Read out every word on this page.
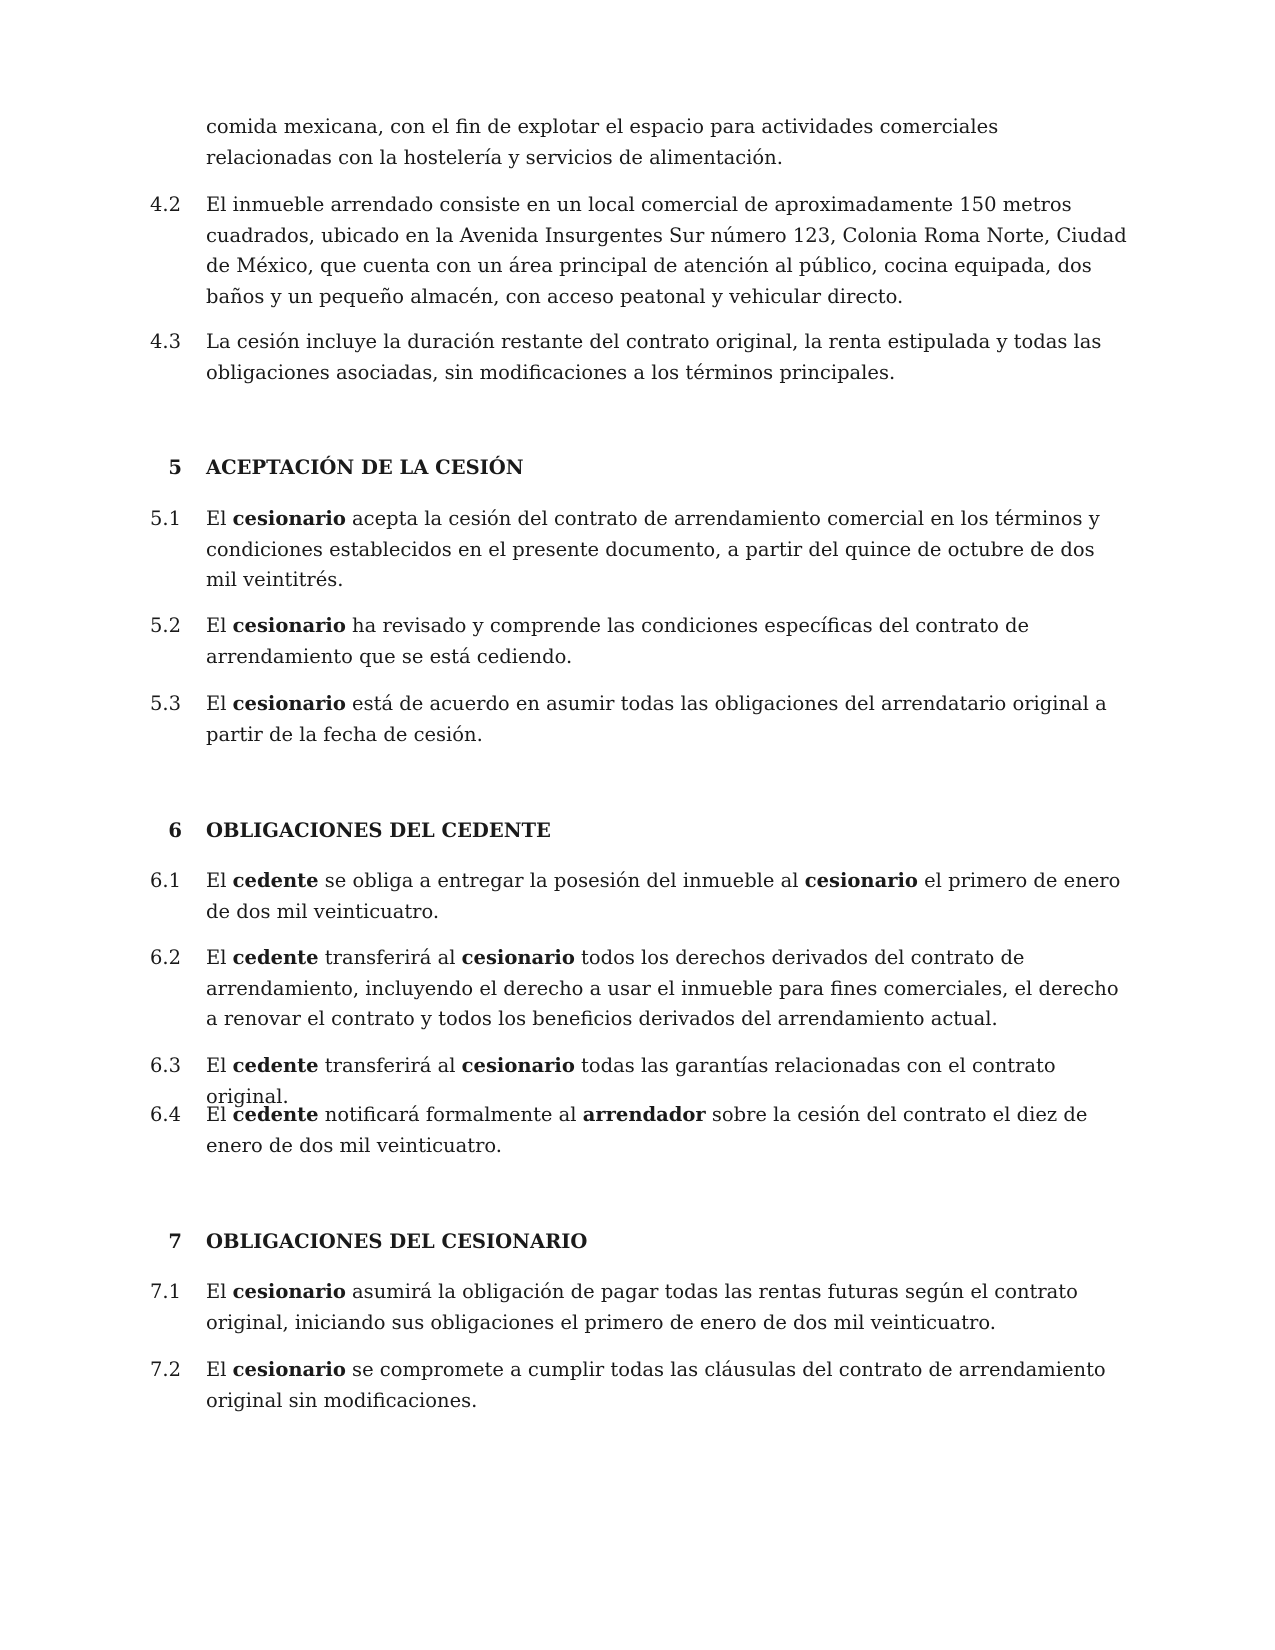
comida mexicana, con el fin de explotar el espacio para actividades comerciales relacionadas con la hostelería y servicios de alimentación.
4.2	El inmueble arrendado consiste en un local comercial de aproximadamente 150 metros cuadrados, ubicado en la Avenida Insurgentes Sur número 123, Colonia Roma Norte, Ciudad de México, que cuenta con un área principal de atención al público, cocina equipada, dos baños y un pequeño almacén, con acceso peatonal y vehicular directo.
4.3	La cesión incluye la duración restante del contrato original, la renta estipulada y todas las obligaciones asociadas, sin modificaciones a los términos principales.
5	ACEPTACIÓN DE LA CESIÓN
5.1	El cesionario acepta la cesión del contrato de arrendamiento comercial en los términos y condiciones establecidos en el presente documento, a partir del quince de octubre de dos mil veintitrés.
5.2	El cesionario ha revisado y comprende las condiciones específicas del contrato de arrendamiento que se está cediendo.
5.3	El cesionario está de acuerdo en asumir todas las obligaciones del arrendatario original a partir de la fecha de cesión.
6	OBLIGACIONES DEL CEDENTE
6.1	El cedente se obliga a entregar la posesión del inmueble al cesionario el primero de enero de dos mil veinticuatro.
6.2	El cedente transferirá al cesionario todos los derechos derivados del contrato de arrendamiento, incluyendo el derecho a usar el inmueble para fines comerciales, el derecho a renovar el contrato y todos los beneficios derivados del arrendamiento actual.
6.3	El cedente transferirá al cesionario todas las garantías relacionadas con el contrato original.
6.4	El cedente notificará formalmente al arrendador sobre la cesión del contrato el diez de enero de dos mil veinticuatro.
7	OBLIGACIONES DEL CESIONARIO
7.1	El cesionario asumirá la obligación de pagar todas las rentas futuras según el contrato original, iniciando sus obligaciones el primero de enero de dos mil veinticuatro.
7.2	El cesionario se compromete a cumplir todas las cláusulas del contrato de arrendamiento original sin modificaciones.
